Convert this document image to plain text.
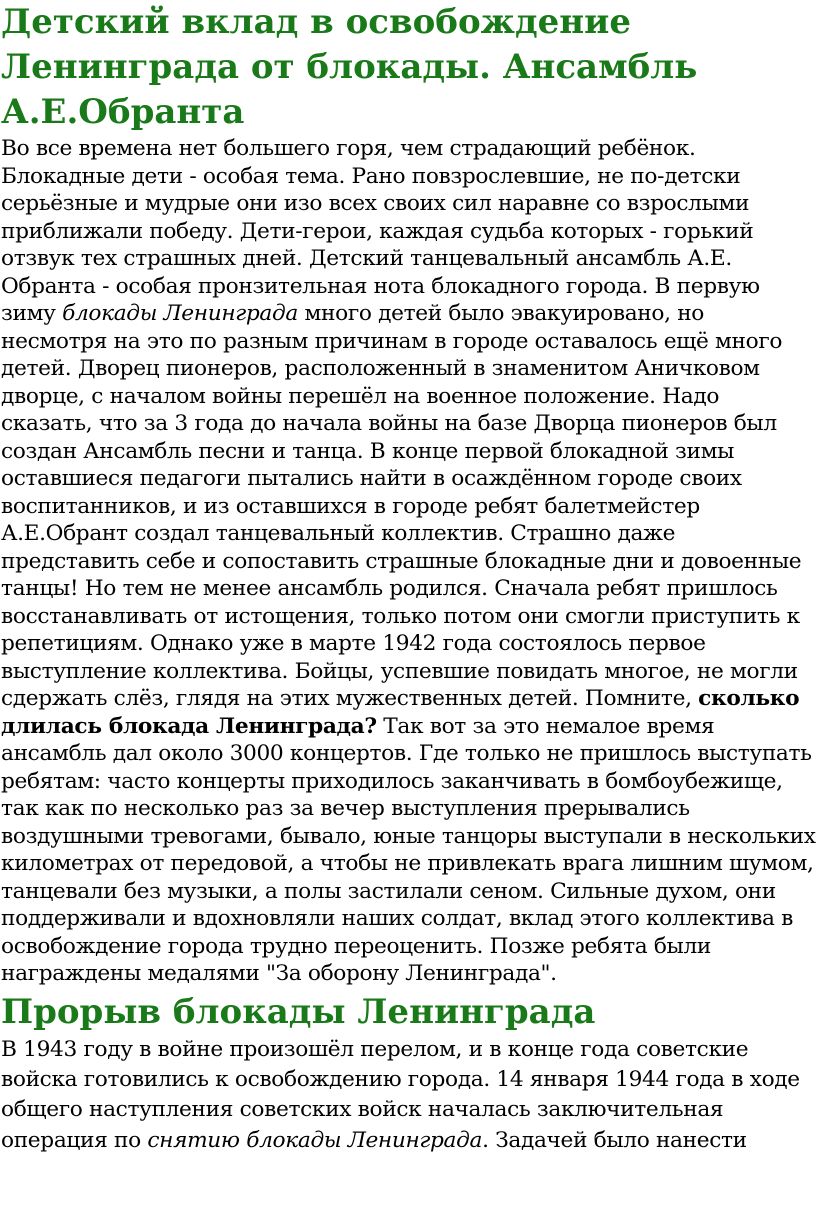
Детский вклад в освобождение Ленинграда от блокады. Ансамбль А.Е.Обранта

Во все времена нет большего горя, чем страдающий ребёнок. Блокадные дети - особая тема. Рано повзрослевшие, не по-детски серьёзные и мудрые они изо всех своих сил наравне со взрослыми приближали победу. Дети-герои, каждая судьба которых - горький отзвук тех страшных дней. Детский танцевальный ансамбль А.Е. Обранта - особая пронзительная нота блокадного города. В первую зиму блокады Ленинграда много детей было эвакуировано, но несмотря на это по разным причинам в городе оставалось ещё много детей. Дворец пионеров, расположенный в знаменитом Аничковом дворце, с началом войны перешёл на военное положение. Надо сказать, что за 3 года до начала войны на базе Дворца пионеров был создан Ансамбль песни и танца. В конце первой блокадной зимы оставшиеся педагоги пытались найти в осаждённом городе своих воспитанников, и из оставшихся в городе ребят балетмейстер А.Е.Обрант создал танцевальный коллектив. Страшно даже представить себе и сопоставить страшные блокадные дни и довоенные танцы! Но тем не менее ансамбль родился. Сначала ребят пришлось восстанавливать от истощения, только потом они смогли приступить к репетициям. Однако уже в марте 1942 года состоялось первое выступление коллектива. Бойцы, успевшие повидать многое, не могли сдержать слёз, глядя на этих мужественных детей. Помните, сколько длилась блокада Ленинграда? Так вот за это немалое время ансамбль дал около 3000 концертов. Где только не пришлось выступать ребятам: часто концерты приходилось заканчивать в бомбоубежище, так как по несколько раз за вечер выступления прерывались воздушными тревогами, бывало, юные танцоры выступали в нескольких километрах от передовой, а чтобы не привлекать врага лишним шумом, танцевали без музыки, а полы застилали сеном. Сильные духом, они поддерживали и вдохновляли наших солдат, вклад этого коллектива в освобождение города трудно переоценить. Позже ребята были награждены медалями "За оборону Ленинграда".

Прорыв блокады Ленинграда

В 1943 году в войне произошёл перелом, и в конце года советские войска готовились к освобождению города. 14 января 1944 года в ходе общего наступления советских войск началась заключительная операция по снятию блокады Ленинграда. Задачей было нанести
